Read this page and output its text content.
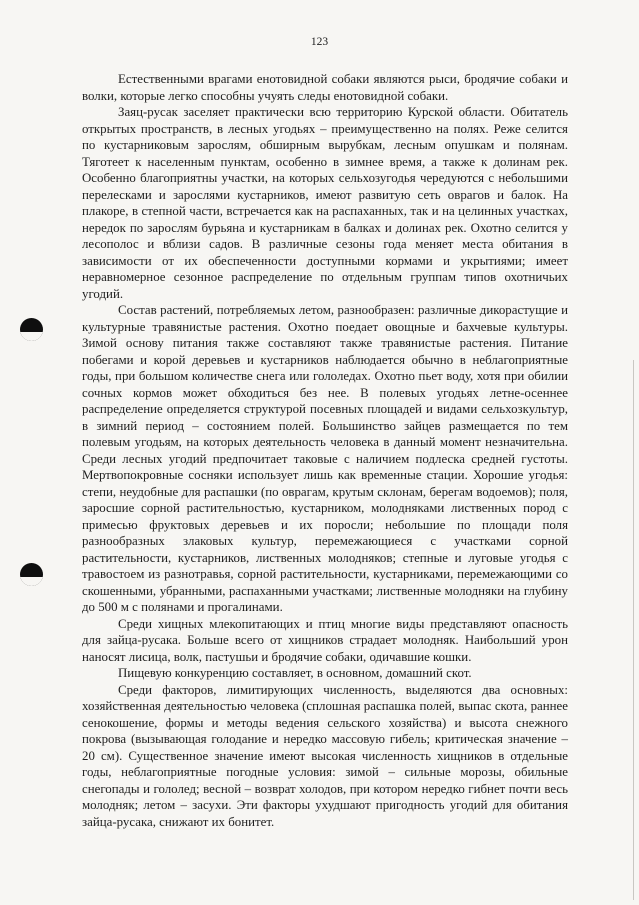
123

Естественными врагами енотовидной собаки являются рыси, бродячие собаки и волки, которые легко способны учуять следы енотовидной собаки.

Заяц-русак заселяет практически всю территорию Курской области. Обитатель открытых пространств, в лесных угодьях – преимущественно на полях. Реже селится по кустарниковым зарослям, обширным вырубкам, лесным опушкам и полянам. Тяготеет к населенным пунктам, особенно в зимнее время, а также к долинам рек. Особенно благоприятны участки, на которых сельхозугодья чередуются с небольшими перелесками и зарослями кустарников, имеют развитую сеть оврагов и балок. На плакоре, в степной части, встречается как на распаханных, так и на целинных участках, нередок по зарослям бурьяна и кустарникам в балках и долинах рек. Охотно селится у лесополос и вблизи садов. В различные сезоны года меняет места обитания в зависимости от их обеспеченности доступными кормами и укрытиями; имеет неравномерное сезонное распределение по отдельным группам типов охотничьих угодий.

Состав растений, потребляемых летом, разнообразен: различные дикорастущие и культурные травянистые растения. Охотно поедает овощные и бахчевые культуры. Зимой основу питания также составляют также травянистые растения. Питание побегами и корой деревьев и кустарников наблюдается обычно в неблагоприятные годы, при большом количестве снега или гололедах. Охотно пьет воду, хотя при обилии сочных кормов может обходиться без нее. В полевых угодьях летне-осеннее распределение определяется структурой посевных площадей и видами сельхозкультур, в зимний период – состоянием полей. Большинство зайцев размещается по тем полевым угодьям, на которых деятельность человека в данный момент незначительна. Среди лесных угодий предпочитает таковые с наличием подлеска средней густоты. Мертвопокровные сосняки использует лишь как временные стации. Хорошие угодья: степи, неудобные для распашки (по оврагам, крутым склонам, берегам водоемов); поля, заросшие сорной растительностью, кустарником, молодняками лиственных пород с примесью фруктовых деревьев и их поросли; небольшие по площади поля разнообразных злаковых культур, перемежающиеся с участками сорной растительности, кустарников, лиственных молодняков; степные и луговые угодья с травостоем из разнотравья, сорной растительности, кустарниками, перемежающими со скошенными, убранными, распаханными участками; лиственные молодняки на глубину до 500 м с полянами и прогалинами.

Среди хищных млекопитающих и птиц многие виды представляют опасность для зайца-русака. Больше всего от хищников страдает молодняк. Наибольший урон наносят лисица, волк, пастушьи и бродячие собаки, одичавшие кошки.

Пищевую конкуренцию составляет, в основном, домашний скот.

Среди факторов, лимитирующих численность, выделяются два основных: хозяйственная деятельностью человека (сплошная распашка полей, выпас скота, раннее сенокошение, формы и методы ведения сельского хозяйства) и высота снежного покрова (вызывающая голодание и нередко массовую гибель; критическая значение – 20 см). Существенное значение имеют высокая численность хищников в отдельные годы, неблагоприятные погодные условия: зимой – сильные морозы, обильные снегопады и гололед; весной – возврат холодов, при котором нередко гибнет почти весь молодняк; летом – засухи. Эти факторы ухудшают пригодность угодий для обитания зайца-русака, снижают их бонитет.
